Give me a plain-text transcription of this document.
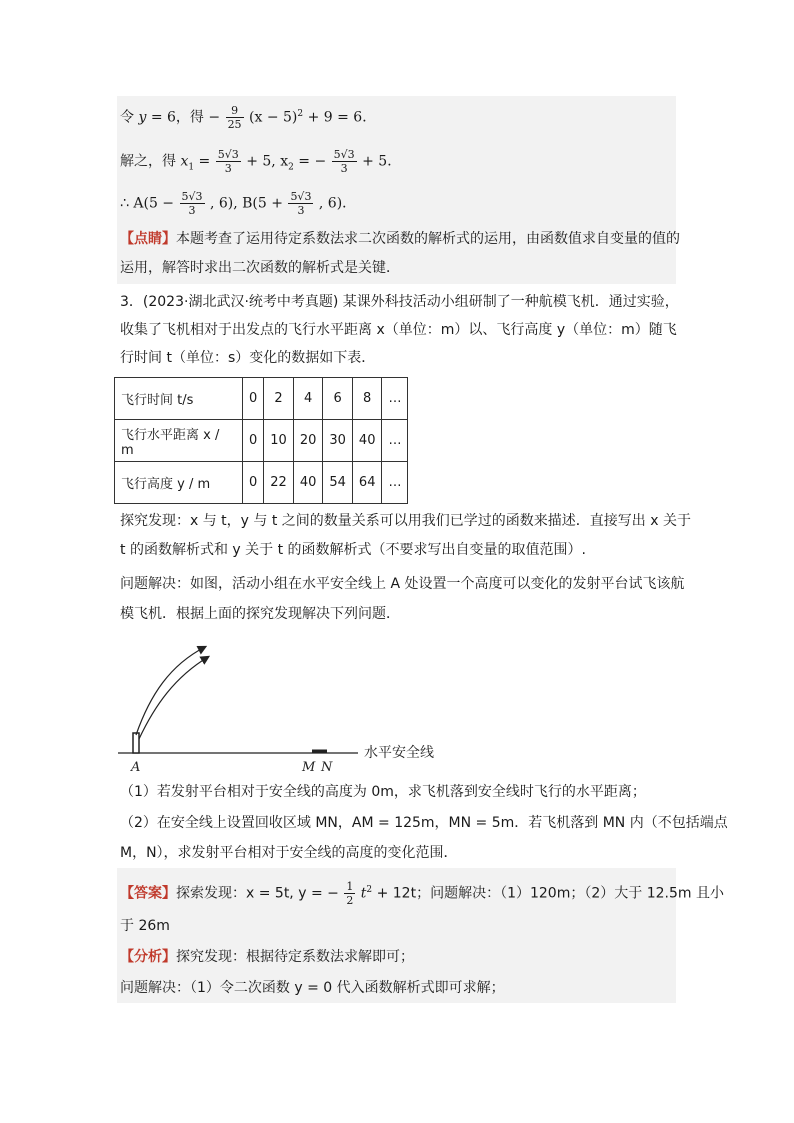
令 y = 6，得 − $\frac{9}{25} (x - 5)^2 + 9 = 6$．
解之，得 $x_1 = \frac{5√3}{3} + 5$, $x_2$ = − $\frac{5√3}{3} + 5$．
∴ $A(5 - \frac{5√3}{3}$ , 6), $B(5 + \frac{5√3}{3}$ , 6)．
【点睛】本题考查了运用待定系数法求二次函数的解析式的运用，由函数值求自变量的值的
运用，解答时求出二次函数的解析式是关键．
3．(2023·湖北武汉·统考中考真题) 某课外科技活动小组研制了一种航模飞机．通过实验，
收集了飞机相对于出发点的飞行水平距离 x（单位：m）以、飞行高度 y（单位：m）随飞
行时间 t（单位：s）变化的数据如下表．
飞行时间 t/s	0	2	4	6	8	…
飞行水平距离 x / m	0	10	20	30	40	…
飞行高度 y / m	0	22	40	54	64	…
探究发现：x 与 t，y 与 t 之间的数量关系可以用我们已学过的函数来描述．直接写出 x 关于
t 的函数解析式和 y 关于 t 的函数解析式（不要求写出自变量的取值范围）.
问题解决：如图，活动小组在水平安全线上 A 处设置一个高度可以变化的发射平台试飞该航
模飞机．根据上面的探究发现解决下列问题．
A	M N
水平安全线
（1）若发射平台相对于安全线的高度为 0m，求飞机落到安全线时飞行的水平距离；
（2）在安全线上设置回收区域 MN，AM = 125m，MN = 5m．若飞机落到 MN 内（不包括端点
M，N），求发射平台相对于安全线的高度的变化范围．
【答案】探索发现：x = 5t, y = − $\frac{1}{2} t^2 + 12t$；问题解决：（1）120m；（2）大于 12.5m 且小
于 26m
【分析】探究发现：根据待定系数法求解即可；
问题解决：（1）令二次函数 y = 0 代入函数解析式即可求解；
